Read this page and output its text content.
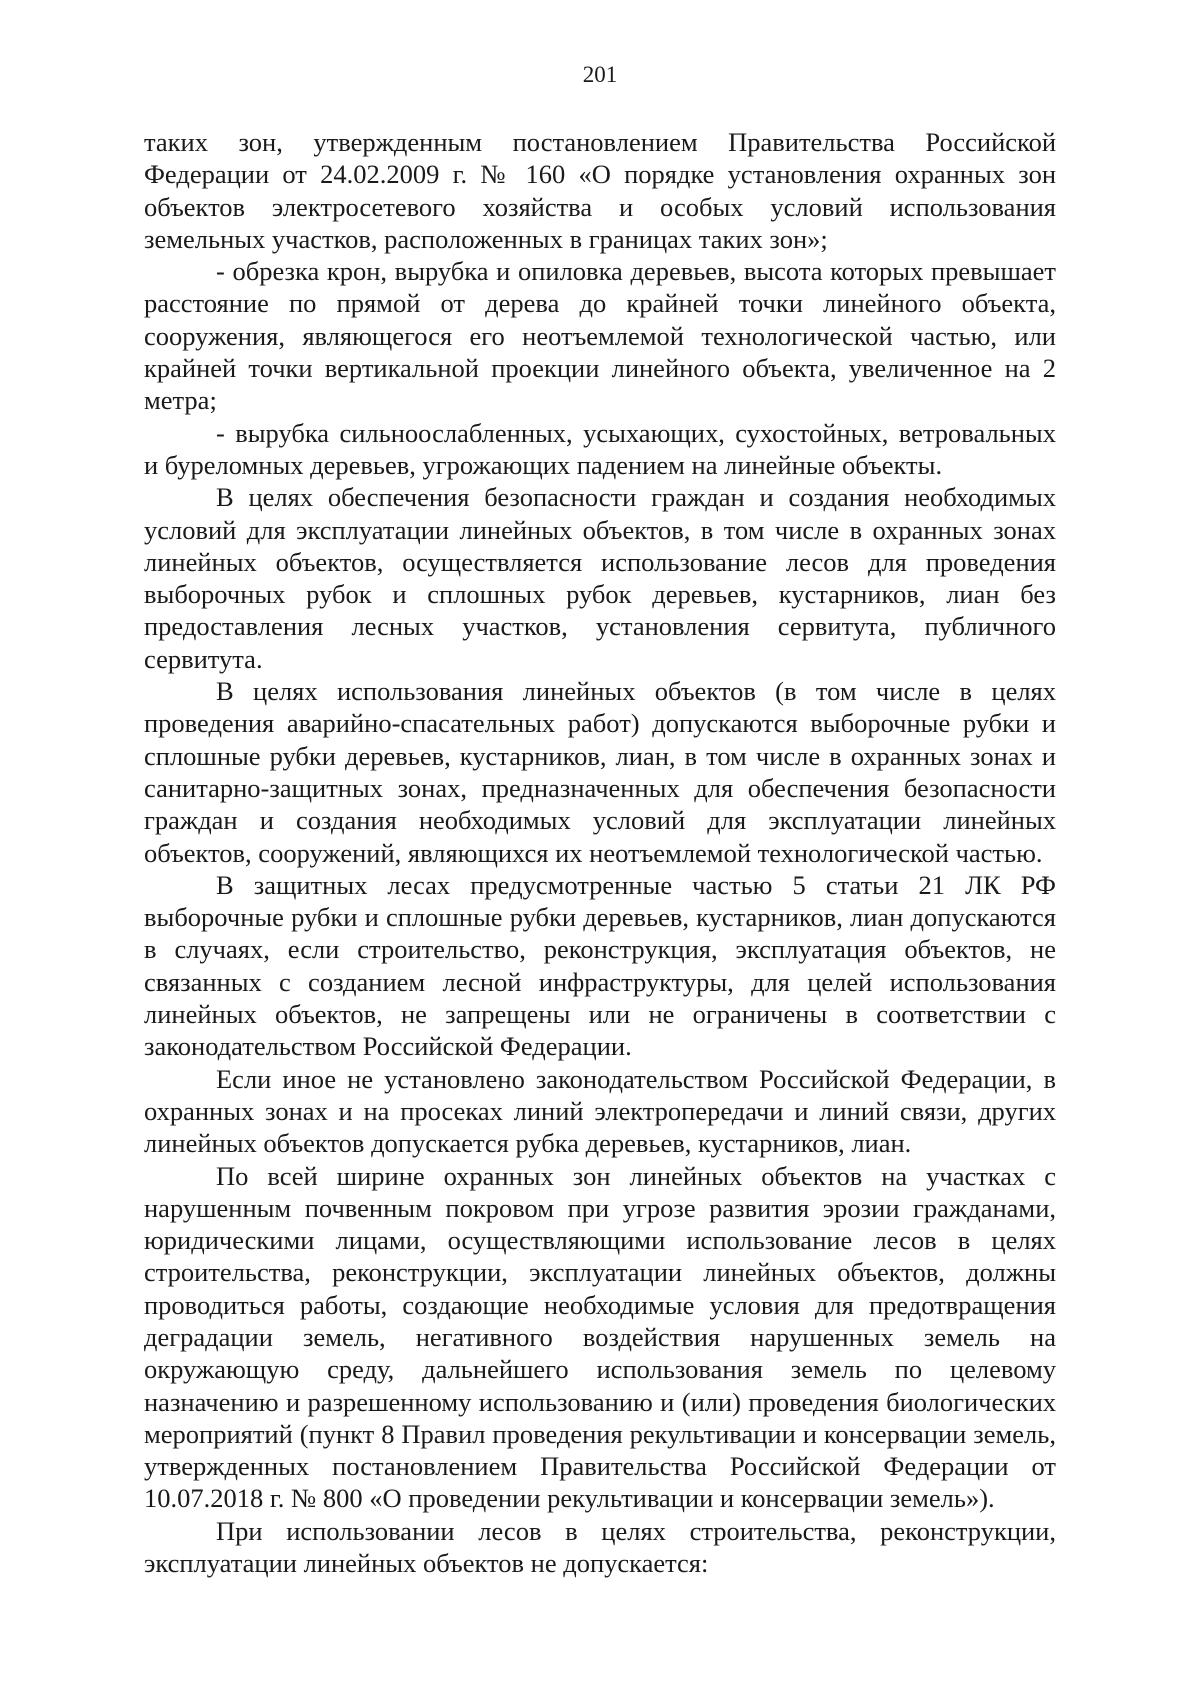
201

таких зон, утвержденным постановлением Правительства Российской Федерации от 24.02.2009 г. № 160 «О порядке установления охранных зон объектов электросетевого хозяйства и особых условий использования земельных участков, расположенных в границах таких зон»;

- обрезка крон, вырубка и опиловка деревьев, высота которых превышает расстояние по прямой от дерева до крайней точки линейного объекта, сооружения, являющегося его неотъемлемой технологической частью, или крайней точки вертикальной проекции линейного объекта, увеличенное на 2 метра;

- вырубка сильноослабленных, усыхающих, сухостойных, ветровальных и буреломных деревьев, угрожающих падением на линейные объекты.

В целях обеспечения безопасности граждан и создания необходимых условий для эксплуатации линейных объектов, в том числе в охранных зонах линейных объектов, осуществляется использование лесов для проведения выборочных рубок и сплошных рубок деревьев, кустарников, лиан без предоставления лесных участков, установления сервитута, публичного сервитута.

В целях использования линейных объектов (в том числе в целях проведения аварийно-спасательных работ) допускаются выборочные рубки и сплошные рубки деревьев, кустарников, лиан, в том числе в охранных зонах и санитарно-защитных зонах, предназначенных для обеспечения безопасности граждан и создания необходимых условий для эксплуатации линейных объектов, сооружений, являющихся их неотъемлемой технологической частью.

В защитных лесах предусмотренные частью 5 статьи 21 ЛК РФ выборочные рубки и сплошные рубки деревьев, кустарников, лиан допускаются в случаях, если строительство, реконструкция, эксплуатация объектов, не связанных с созданием лесной инфраструктуры, для целей использования линейных объектов, не запрещены или не ограничены в соответствии с законодательством Российской Федерации.

Если иное не установлено законодательством Российской Федерации, в охранных зонах и на просеках линий электропередачи и линий связи, других линейных объектов допускается рубка деревьев, кустарников, лиан.

По всей ширине охранных зон линейных объектов на участках с нарушенным почвенным покровом при угрозе развития эрозии гражданами, юридическими лицами, осуществляющими использование лесов в целях строительства, реконструкции, эксплуатации линейных объектов, должны проводиться работы, создающие необходимые условия для предотвращения деградации земель, негативного воздействия нарушенных земель на окружающую среду, дальнейшего использования земель по целевому назначению и разрешенному использованию и (или) проведения биологических мероприятий (пункт 8 Правил проведения рекультивации и консервации земель, утвержденных постановлением Правительства Российской Федерации от 10.07.2018 г. № 800 «О проведении рекультивации и консервации земель»).

При использовании лесов в целях строительства, реконструкции, эксплуатации линейных объектов не допускается:
